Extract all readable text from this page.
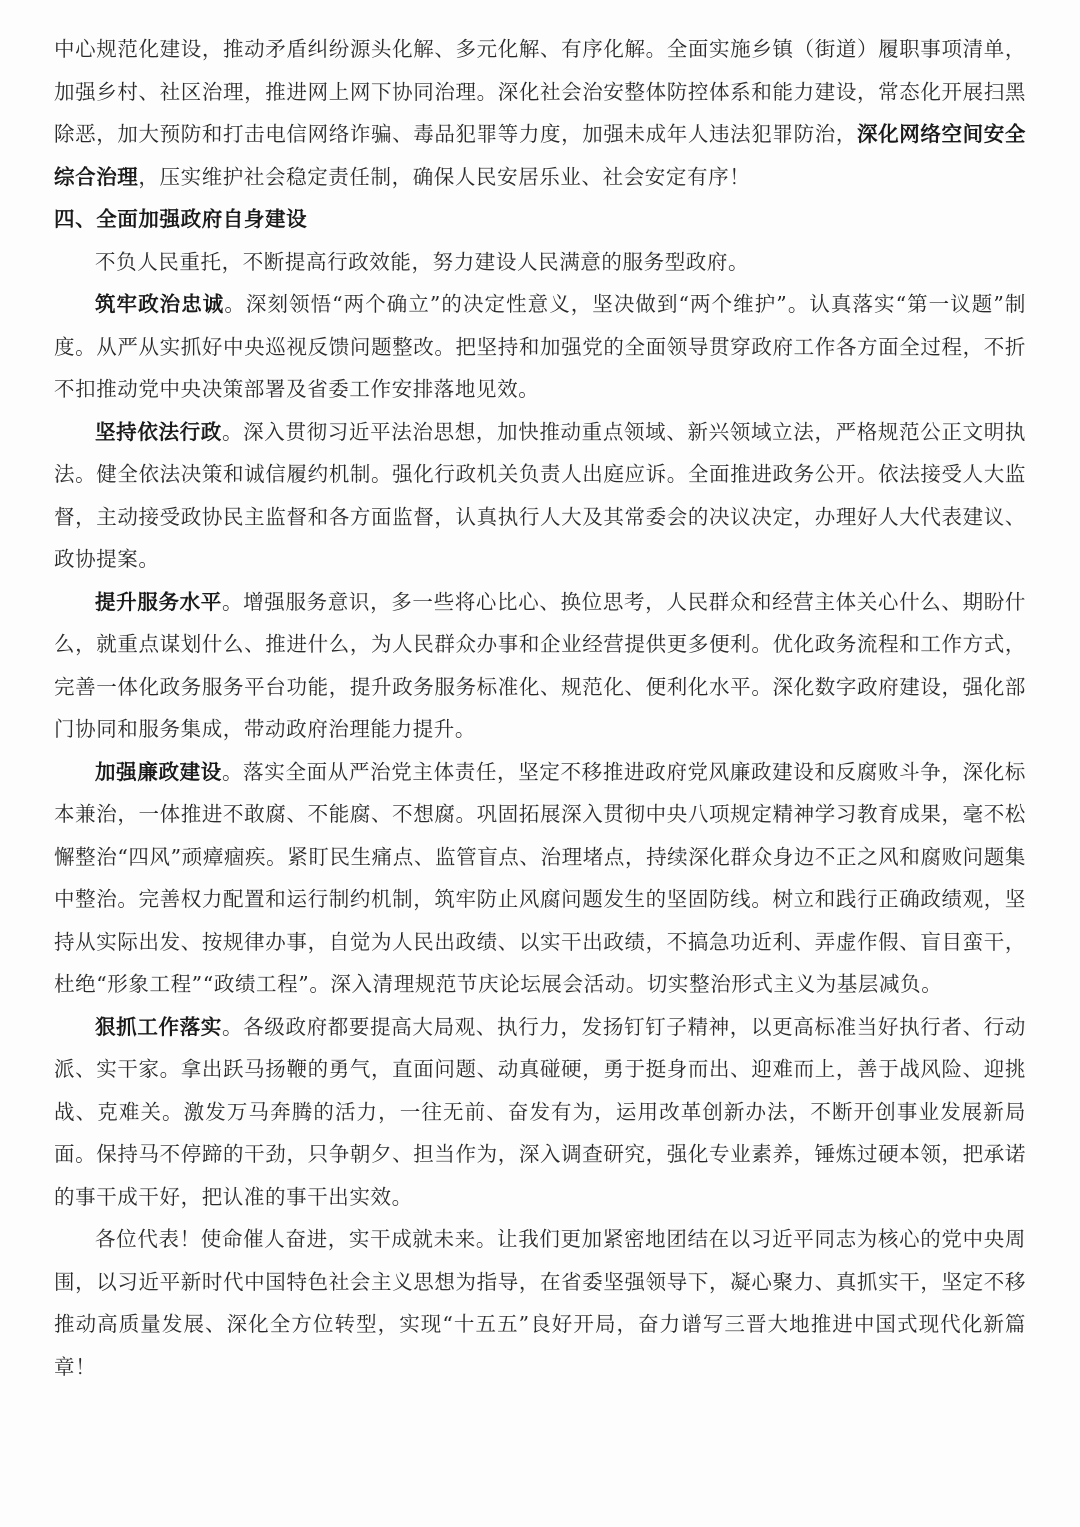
中心规范化建设，推动矛盾纠纷源头化解、多元化解、有序化解。全面实施乡镇（街道）履职事项清单，加强乡村、社区治理，推进网上网下协同治理。深化社会治安整体防控体系和能力建设，常态化开展扫黑除恶，加大预防和打击电信网络诈骗、毒品犯罪等力度，加强未成年人违法犯罪防治，深化网络空间安全综合治理，压实维护社会稳定责任制，确保人民安居乐业、社会安定有序！

四、全面加强政府自身建设

不负人民重托，不断提高行政效能，努力建设人民满意的服务型政府。

筑牢政治忠诚。深刻领悟“两个确立”的决定性意义，坚决做到“两个维护”。认真落实“第一议题”制度。从严从实抓好中央巡视反馈问题整改。把坚持和加强党的全面领导贯穿政府工作各方面全过程，不折不扣推动党中央决策部署及省委工作安排落地见效。

坚持依法行政。深入贯彻习近平法治思想，加快推动重点领域、新兴领域立法，严格规范公正文明执法。健全依法决策和诚信履约机制。强化行政机关负责人出庭应诉。全面推进政务公开。依法接受人大监督，主动接受政协民主监督和各方面监督，认真执行人大及其常委会的决议决定，办理好人大代表建议、政协提案。

提升服务水平。增强服务意识，多一些将心比心、换位思考，人民群众和经营主体关心什么、期盼什么，就重点谋划什么、推进什么，为人民群众办事和企业经营提供更多便利。优化政务流程和工作方式，完善一体化政务服务平台功能，提升政务服务标准化、规范化、便利化水平。深化数字政府建设，强化部门协同和服务集成，带动政府治理能力提升。

加强廉政建设。落实全面从严治党主体责任，坚定不移推进政府党风廉政建设和反腐败斗争，深化标本兼治，一体推进不敢腐、不能腐、不想腐。巩固拓展深入贯彻中央八项规定精神学习教育成果，毫不松懈整治“四风”顽瘴痼疾。紧盯民生痛点、监管盲点、治理堵点，持续深化群众身边不正之风和腐败问题集中整治。完善权力配置和运行制约机制，筑牢防止风腐问题发生的坚固防线。树立和践行正确政绩观，坚持从实际出发、按规律办事，自觉为人民出政绩、以实干出政绩，不搞急功近利、弄虚作假、盲目蛮干，杜绝“形象工程”“政绩工程”。深入清理规范节庆论坛展会活动。切实整治形式主义为基层减负。

狠抓工作落实。各级政府都要提高大局观、执行力，发扬钉钉子精神，以更高标准当好执行者、行动派、实干家。拿出跃马扬鞭的勇气，直面问题、动真碰硬，勇于挺身而出、迎难而上，善于战风险、迎挑战、克难关。激发万马奔腾的活力，一往无前、奋发有为，运用改革创新办法，不断开创事业发展新局面。保持马不停蹄的干劲，只争朝夕、担当作为，深入调查研究，强化专业素养，锤炼过硬本领，把承诺的事干成干好，把认准的事干出实效。

各位代表！使命催人奋进，实干成就未来。让我们更加紧密地团结在以习近平同志为核心的党中央周围，以习近平新时代中国特色社会主义思想为指导，在省委坚强领导下，凝心聚力、真抓实干，坚定不移推动高质量发展、深化全方位转型，实现“十五五”良好开局，奋力谱写三晋大地推进中国式现代化新篇章！
